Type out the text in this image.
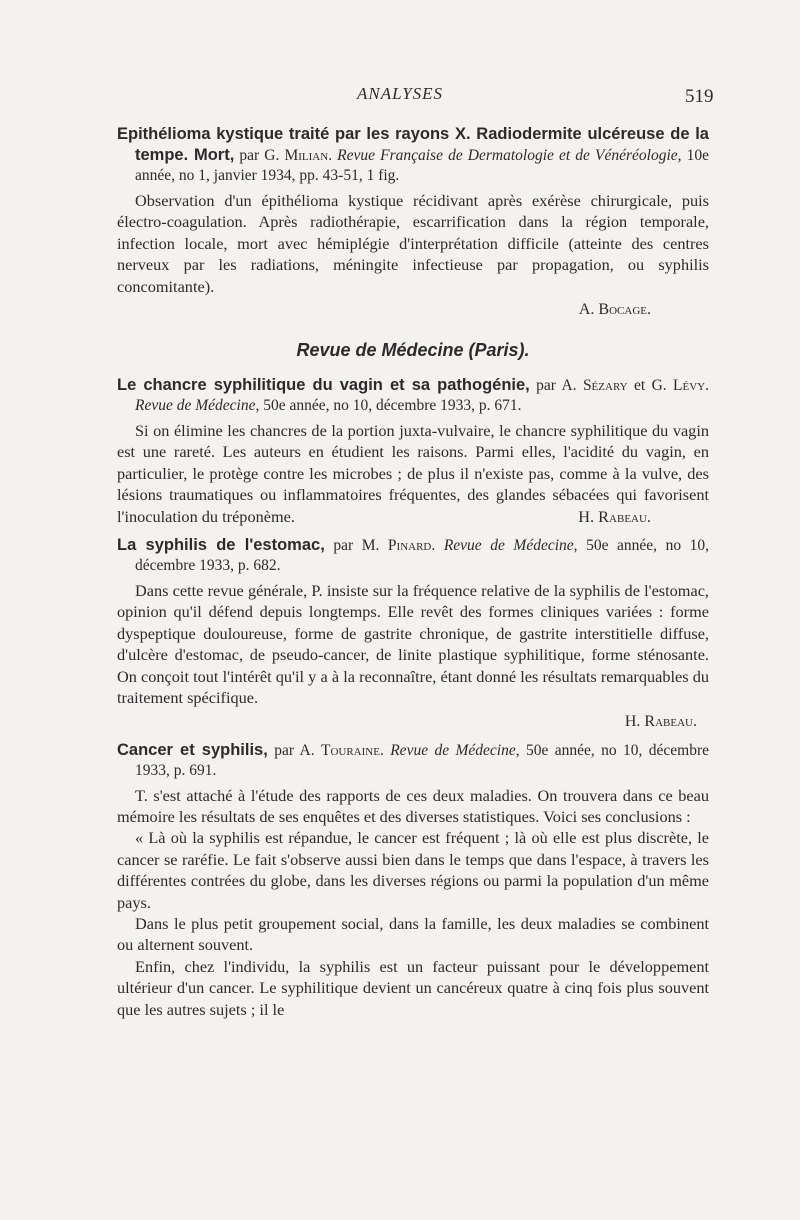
ANALYSES	519

Epithélioma kystique traité par les rayons X. Radiodermite ulcéreuse de la tempe. Mort, par G. Milian. Revue Française de Dermatologie et de Vénéréologie, 10e année, no 1, janvier 1934, pp. 43-51, 1 fig.

Observation d'un épithélioma kystique récidivant après exérèse chirurgicale, puis électro-coagulation. Après radiothérapie, escarrification dans la région temporale, infection locale, mort avec hémiplégie d'interprétation difficile (atteinte des centres nerveux par les radiations, méningite infectieuse par propagation, ou syphilis concomitante).

A. Bocage.

Revue de Médecine (Paris).

Le chancre syphilitique du vagin et sa pathogénie, par A. Sézary et G. Lévy. Revue de Médecine, 50e année, no 10, décembre 1933, p. 671.

Si on élimine les chancres de la portion juxta-vulvaire, le chancre syphilitique du vagin est une rareté. Les auteurs en étudient les raisons. Parmi elles, l'acidité du vagin, en particulier, le protège contre les microbes ; de plus il n'existe pas, comme à la vulve, des lésions traumatiques ou inflammatoires fréquentes, des glandes sébacées qui favorisent l'inoculation du tréponème.	H. Rabeau.

La syphilis de l'estomac, par M. Pinard. Revue de Médecine, 50e année, no 10, décembre 1933, p. 682.

Dans cette revue générale, P. insiste sur la fréquence relative de la syphilis de l'estomac, opinion qu'il défend depuis longtemps. Elle revêt des formes cliniques variées : forme dyspeptique douloureuse, forme de gastrite chronique, de gastrite interstitielle diffuse, d'ulcère d'estomac, de pseudo-cancer, de linite plastique syphilitique, forme sténosante. On conçoit tout l'intérêt qu'il y a à la reconnaître, étant donné les résultats remarquables du traitement spécifique.

H. Rabeau.

Cancer et syphilis, par A. Touraine. Revue de Médecine, 50e année, no 10, décembre 1933, p. 691.

T. s'est attaché à l'étude des rapports de ces deux maladies. On trouvera dans ce beau mémoire les résultats de ses enquêtes et des diverses statistiques. Voici ses conclusions :

« Là où la syphilis est répandue, le cancer est fréquent ; là où elle est plus discrète, le cancer se raréfie. Le fait s'observe aussi bien dans le temps que dans l'espace, à travers les différentes contrées du globe, dans les diverses régions ou parmi la population d'un même pays.

Dans le plus petit groupement social, dans la famille, les deux maladies se combinent ou alternent souvent.

Enfin, chez l'individu, la syphilis est un facteur puissant pour le développement ultérieur d'un cancer. Le syphilitique devient un cancéreux quatre à cinq fois plus souvent que les autres sujets ; il le
